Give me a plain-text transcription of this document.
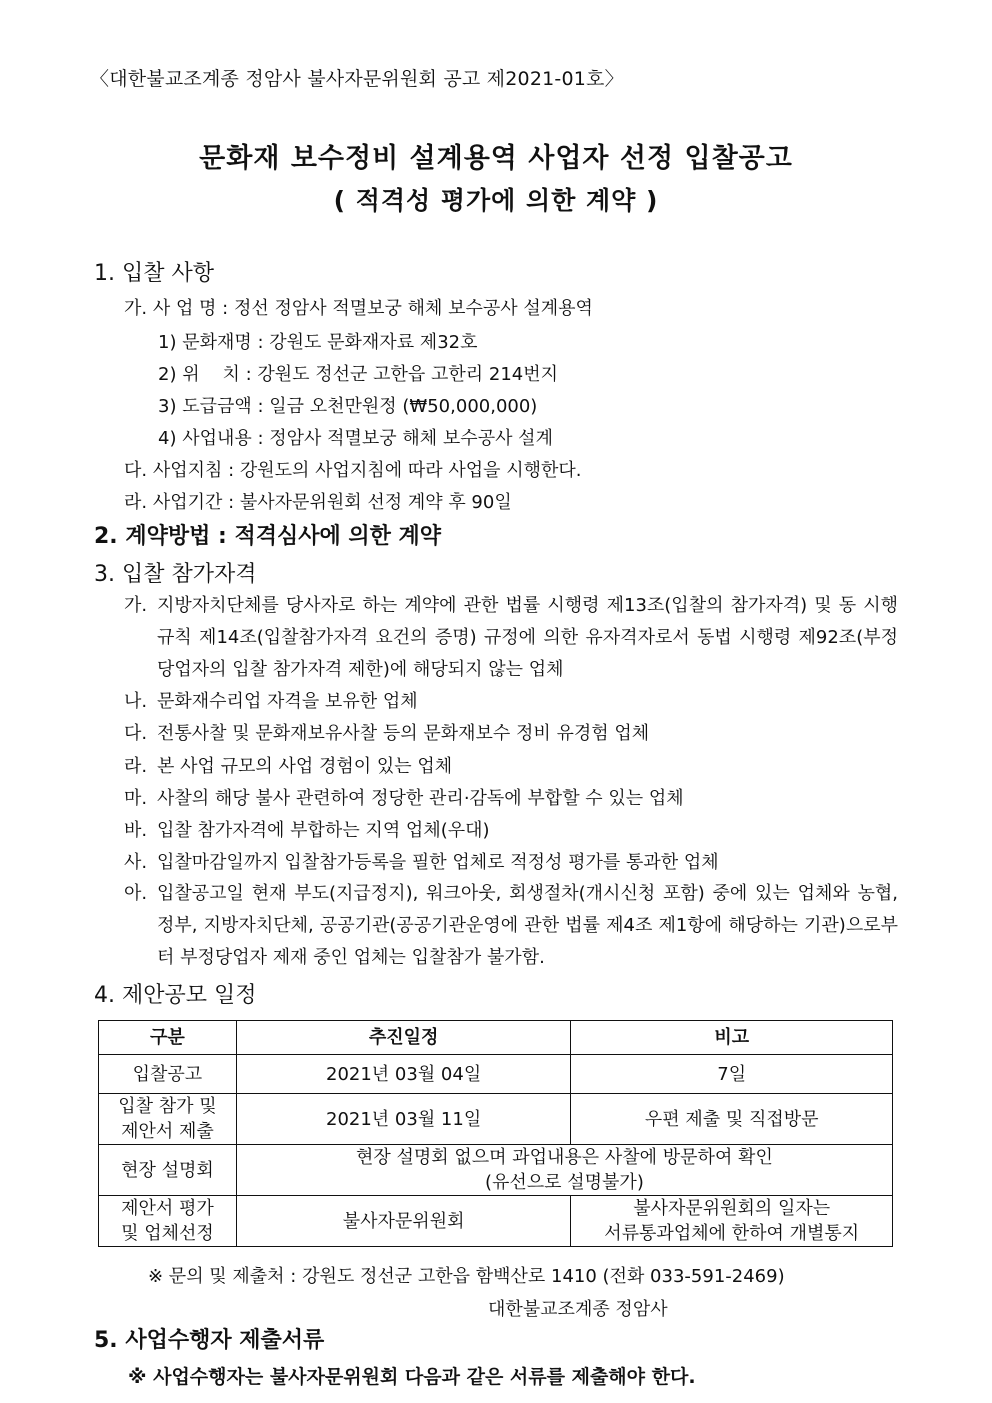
〈대한불교조계종 정암사 불사자문위원회 공고 제2021-01호〉
문화재 보수정비 설계용역 사업자 선정 입찰공고
( 적격성 평가에 의한 계약 )
1. 입찰 사항
가. 사 업 명 : 정선 정암사 적멸보궁 해체 보수공사 설계용역
1) 문화재명 : 강원도 문화재자료 제32호
2) 위    치 : 강원도 정선군 고한읍 고한리 214번지
3) 도급금액 : 일금 오천만원정 (₩50,000,000)
4) 사업내용 : 정암사 적멸보궁 해체 보수공사 설계
다. 사업지침 : 강원도의 사업지침에 따라 사업을 시행한다.
라. 사업기간 : 불사자문위원회 선정 계약 후 90일
2. 계약방법 : 적격심사에 의한 계약
3. 입찰 참가자격
가. 지방자치단체를 당사자로 하는 계약에 관한 법률 시행령 제13조(입찰의 참가자격) 및 동 시행규칙 제14조(입찰참가자격 요건의 증명) 규정에 의한 유자격자로서 동법 시행령 제92조(부정당업자의 입찰 참가자격 제한)에 해당되지 않는 업체
나. 문화재수리업 자격을 보유한 업체
다. 전통사찰 및 문화재보유사찰 등의 문화재보수 정비 유경험 업체
라. 본 사업 규모의 사업 경험이 있는 업체
마. 사찰의 해당 불사 관련하여 정당한 관리·감독에 부합할 수 있는 업체
바. 입찰 참가자격에 부합하는 지역 업체(우대)
사. 입찰마감일까지 입찰참가등록을 필한 업체로 적정성 평가를 통과한 업체
아. 입찰공고일 현재 부도(지급정지), 워크아웃, 회생절차(개시신청 포함) 중에 있는 업체와 농협, 정부, 지방자치단체, 공공기관(공공기관운영에 관한 법률 제4조 제1항에 해당하는 기관)으로부터 부정당업자 제재 중인 업체는 입찰참가 불가함.
4. 제안공모 일정
구분	추진일정	비고
입찰공고	2021년 03월 04일	7일
입찰 참가 및
제안서 제출	2021년 03월 11일	우편 제출 및 직접방문
현장 설명회	현장 설명회 없으며 과업내용은 사찰에 방문하여 확인
(유선으로 설명불가)	
제안서 평가
및 업체선정	불사자문위원회	불사자문위원회의 일자는
서류통과업체에 한하여 개별통지
※ 문의 및 제출처 : 강원도 정선군 고한읍 함백산로 1410 (전화 033-591-2469)
대한불교조계종 정암사
5. 사업수행자 제출서류
※ 사업수행자는 불사자문위원회 다음과 같은 서류를 제출해야 한다.
